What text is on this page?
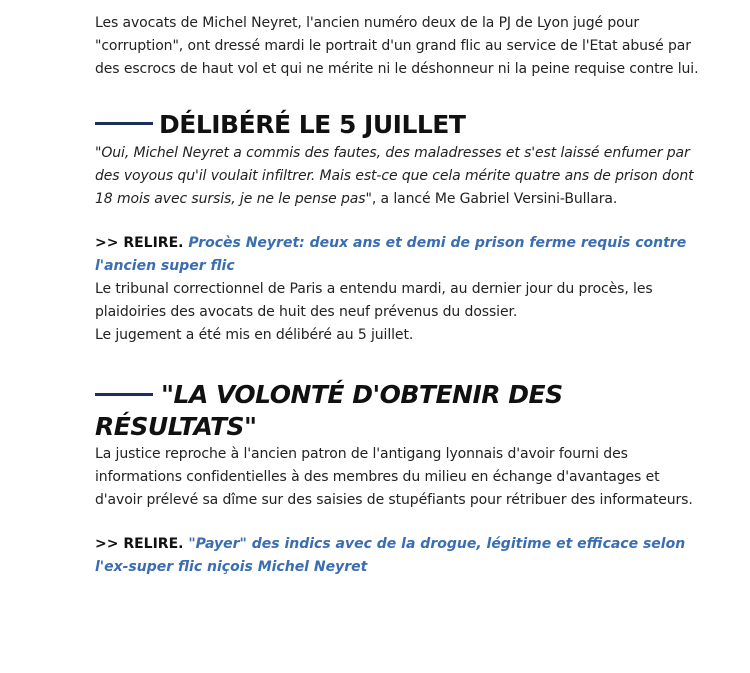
Les avocats de Michel Neyret, l'ancien numéro deux de la PJ de Lyon jugé pour "corruption", ont dressé mardi le portrait d'un grand flic au service de l'Etat abusé par des escrocs de haut vol et qui ne mérite ni le déshonneur ni la peine requise contre lui.

DÉLIBÉRÉ LE 5 JUILLET

"Oui, Michel Neyret a commis des fautes, des maladresses et s'est laissé enfumer par des voyous qu'il voulait infiltrer. Mais est-ce que cela mérite quatre ans de prison dont 18 mois avec sursis, je ne le pense pas", a lancé Me Gabriel Versini-Bullara.

>> RELIRE. Procès Neyret: deux ans et demi de prison ferme requis contre l'ancien super flic

Le tribunal correctionnel de Paris a entendu mardi, au dernier jour du procès, les plaidoiries des avocats de huit des neuf prévenus du dossier.

Le jugement a été mis en délibéré au 5 juillet.

"LA VOLONTÉ D'OBTENIR DES RÉSULTATS"

La justice reproche à l'ancien patron de l'antigang lyonnais d'avoir fourni des informations confidentielles à des membres du milieu en échange d'avantages et d'avoir prélevé sa dîme sur des saisies de stupéfiants pour rétribuer des informateurs.

>> RELIRE. "Payer" des indics avec de la drogue, légitime et efficace selon l'ex-super flic niçois Michel Neyret
